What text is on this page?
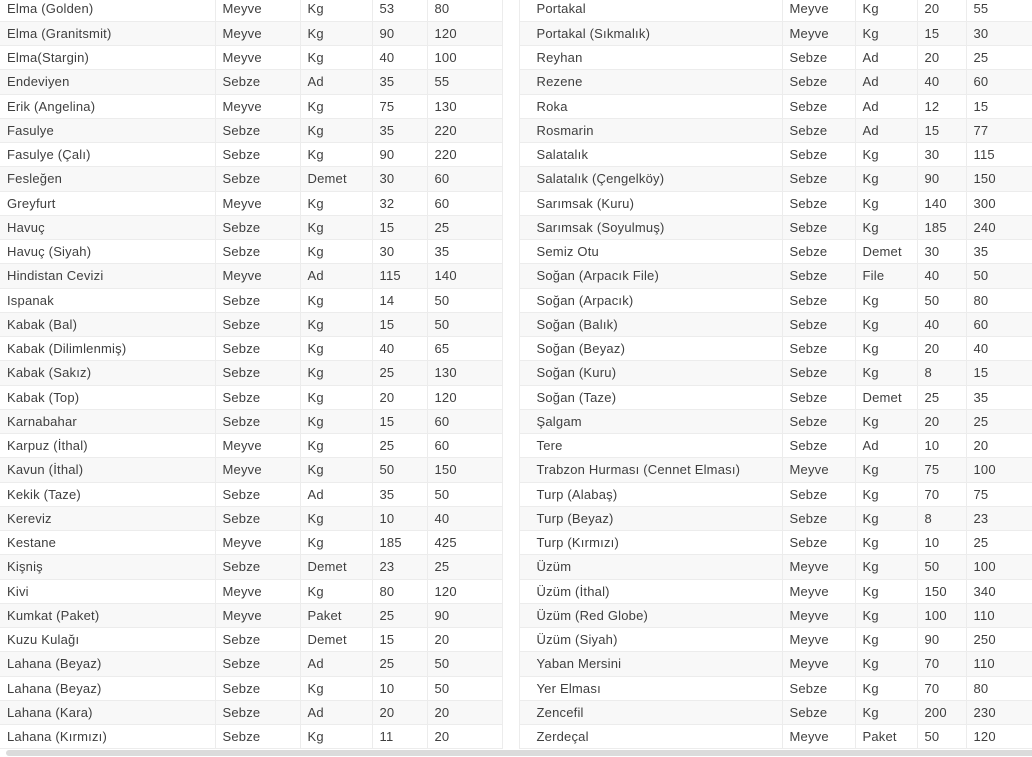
Elma (Golden)	Meyve	Kg	53	80
Elma (Granitsmit)	Meyve	Kg	90	120
Elma(Stargin)	Meyve	Kg	40	100
Endeviyen	Sebze	Ad	35	55
Erik (Angelina)	Meyve	Kg	75	130
Fasulye	Sebze	Kg	35	220
Fasulye (Çalı)	Sebze	Kg	90	220
Fesleğen	Sebze	Demet	30	60
Greyfurt	Meyve	Kg	32	60
Havuç	Sebze	Kg	15	25
Havuç (Siyah)	Sebze	Kg	30	35
Hindistan Cevizi	Meyve	Ad	115	140
Ispanak	Sebze	Kg	14	50
Kabak (Bal)	Sebze	Kg	15	50
Kabak (Dilimlenmiş)	Sebze	Kg	40	65
Kabak (Sakız)	Sebze	Kg	25	130
Kabak (Top)	Sebze	Kg	20	120
Karnabahar	Sebze	Kg	15	60
Karpuz (İthal)	Meyve	Kg	25	60
Kavun (İthal)	Meyve	Kg	50	150
Kekik (Taze)	Sebze	Ad	35	50
Kereviz	Sebze	Kg	10	40
Kestane	Meyve	Kg	185	425
Kişniş	Sebze	Demet	23	25
Kivi	Meyve	Kg	80	120
Kumkat (Paket)	Meyve	Paket	25	90
Kuzu Kulağı	Sebze	Demet	15	20
Lahana (Beyaz)	Sebze	Ad	25	50
Lahana (Beyaz)	Sebze	Kg	10	50
Lahana (Kara)	Sebze	Ad	20	20
Lahana (Kırmızı)	Sebze	Kg	11	20
Portakal	Meyve	Kg	20	55
Portakal (Sıkmalık)	Meyve	Kg	15	30
Reyhan	Sebze	Ad	20	25
Rezene	Sebze	Ad	40	60
Roka	Sebze	Ad	12	15
Rosmarin	Sebze	Ad	15	77
Salatalık	Sebze	Kg	30	115
Salatalık (Çengelköy)	Sebze	Kg	90	150
Sarımsak (Kuru)	Sebze	Kg	140	300
Sarımsak (Soyulmuş)	Sebze	Kg	185	240
Semiz Otu	Sebze	Demet	30	35
Soğan (Arpacık File)	Sebze	File	40	50
Soğan (Arpacık)	Sebze	Kg	50	80
Soğan (Balık)	Sebze	Kg	40	60
Soğan (Beyaz)	Sebze	Kg	20	40
Soğan (Kuru)	Sebze	Kg	8	15
Soğan (Taze)	Sebze	Demet	25	35
Şalgam	Sebze	Kg	20	25
Tere	Sebze	Ad	10	20
Trabzon Hurması (Cennet Elması)	Meyve	Kg	75	100
Turp (Alabaş)	Sebze	Kg	70	75
Turp (Beyaz)	Sebze	Kg	8	23
Turp (Kırmızı)	Sebze	Kg	10	25
Üzüm	Meyve	Kg	50	100
Üzüm (İthal)	Meyve	Kg	150	340
Üzüm (Red Globe)	Meyve	Kg	100	110
Üzüm (Siyah)	Meyve	Kg	90	250
Yaban Mersini	Meyve	Kg	70	110
Yer Elması	Sebze	Kg	70	80
Zencefil	Sebze	Kg	200	230
Zerdeçal	Meyve	Paket	50	120
